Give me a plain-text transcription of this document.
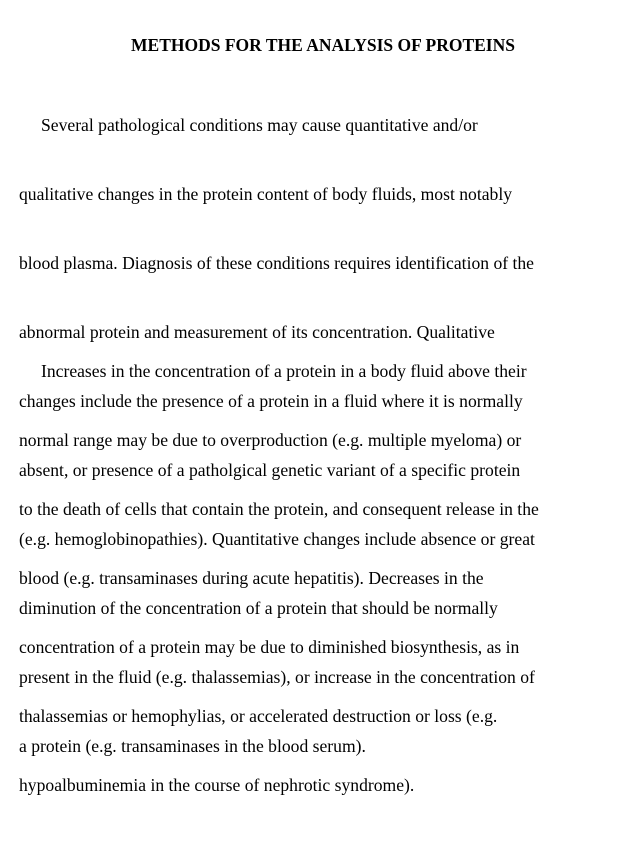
METHODS FOR THE ANALYSIS OF PROTEINS

Several pathological conditions may cause quantitative and/or

qualitative changes in the protein content of body fluids, most notably

blood plasma. Diagnosis of these conditions requires identification of the

abnormal protein and measurement of its concentration. Qualitative

changes include the presence of a protein in a fluid where it is normally

absent, or presence of a patholgical genetic variant of a specific protein

(e.g. hemoglobinopathies). Quantitative changes include absence or great

diminution of the concentration of a protein that should be normally

present in the fluid (e.g. thalassemias), or increase in the concentration of

a protein (e.g. transaminases in the blood serum).

Increases in the concentration of a protein in a body fluid above their

normal range may be due to overproduction (e.g. multiple myeloma) or

to the death of cells that contain the protein, and consequent release in the

blood (e.g. transaminases during acute hepatitis). Decreases in the

concentration of a protein may be due to diminished biosynthesis, as in

thalassemias or hemophylias, or accelerated destruction or loss (e.g.

hypoalbuminemia in the course of nephrotic syndrome).
